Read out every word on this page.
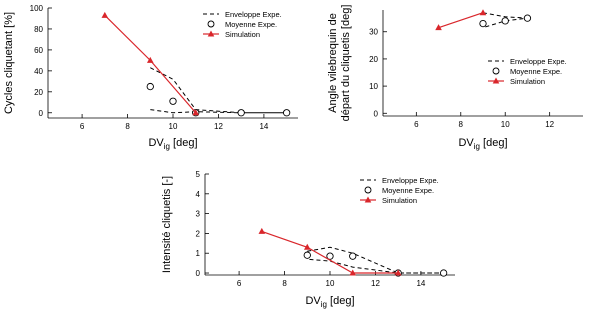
0
20
40
60
80
100
6	8	10	12	14
$DV_{ig}$ [deg]
Cycles cliquetant [%]	Enveloppe Expe.
Moyenne Expe.
Simulation
0
10
20
30
6	8	10	12
$DV_{ig}$ [deg]
Angle vilebrequin de départ du cliquetis [deg]	Enveloppe Expe.
Moyenne Expe.
Simulation
0
1
2
3
4
5
6	8	10	12	14
$DV_{ig}$ [deg]
Intensité cliquetis [-]	Enveloppe Expe.
Moyenne Expe.
Simulation
